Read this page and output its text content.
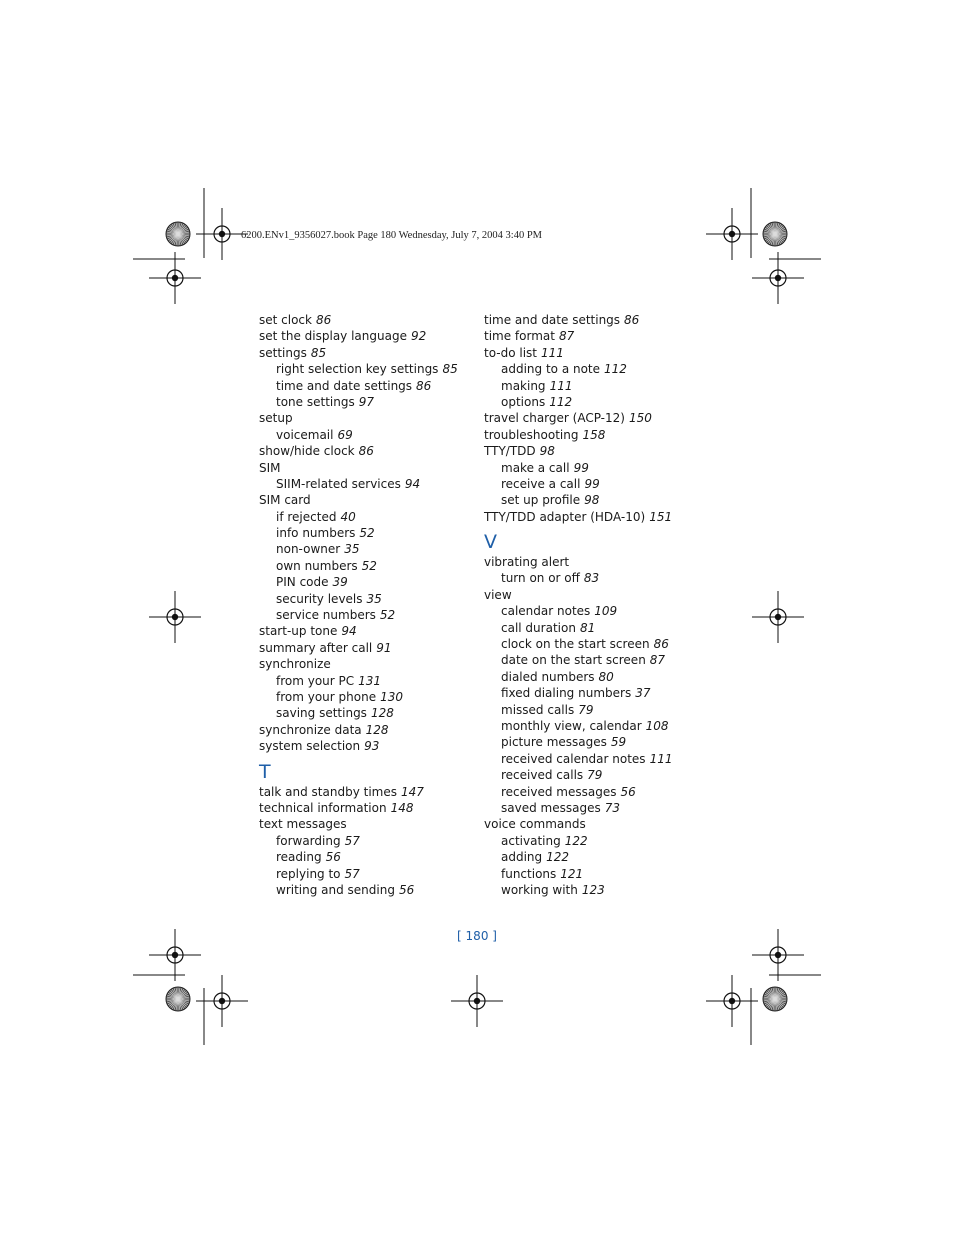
6200.ENv1_9356027.book Page 180 Wednesday, July 7, 2004 3:40 PM
set clock 86
set the display language 92
settings 85
right selection key settings 85
time and date settings 86
tone settings 97
setup
voicemail 69
show/hide clock 86
SIM
SIIM-related services 94
SIM card
if rejected 40
info numbers 52
non-owner 35
own numbers 52
PIN code 39
security levels 35
service numbers 52
start-up tone 94
summary after call 91
synchronize
from your PC 131
from your phone 130
saving settings 128
synchronize data 128
system selection 93
T
talk and standby times 147
technical information 148
text messages
forwarding 57
reading 56
replying to 57
writing and sending 56
time and date settings 86
time format 87
to-do list 111
adding to a note 112
making 111
options 112
travel charger (ACP-12) 150
troubleshooting 158
TTY/TDD 98
make a call 99
receive a call 99
set up profile 98
TTY/TDD adapter (HDA-10) 151
V
vibrating alert
turn on or off 83
view
calendar notes 109
call duration 81
clock on the start screen 86
date on the start screen 87
dialed numbers 80
fixed dialing numbers 37
missed calls 79
monthly view, calendar 108
picture messages 59
received calendar notes 111
received calls 79
received messages 56
saved messages 73
voice commands
activating 122
adding 122
functions 121
working with 123
[ 180 ]
